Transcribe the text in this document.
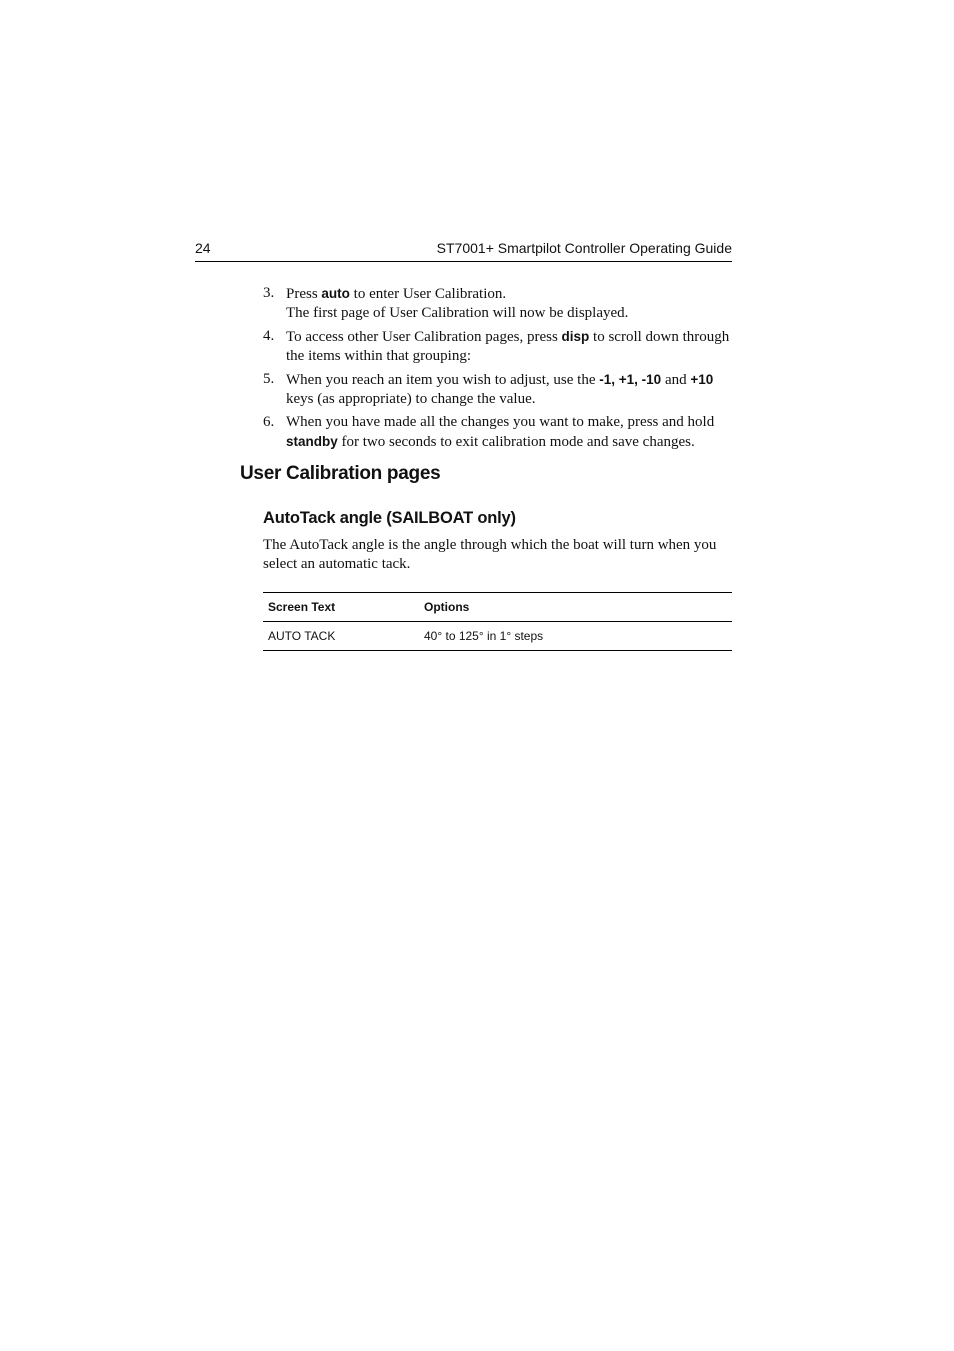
24	ST7001+ Smartpilot Controller Operating Guide
3. Press auto to enter User Calibration.
The first page of User Calibration will now be displayed.
4. To access other User Calibration pages, press disp to scroll down through the items within that grouping:
5. When you reach an item you wish to adjust, use the -1, +1, -10 and +10 keys (as appropriate) to change the value.
6. When you have made all the changes you want to make, press and hold standby for two seconds to exit calibration mode and save changes.
User Calibration pages
AutoTack angle (SAILBOAT only)

The AutoTack angle is the angle through which the boat will turn when you select an automatic tack.

Screen Text	Options
AUTO TACK	40° to 125° in 1° steps
